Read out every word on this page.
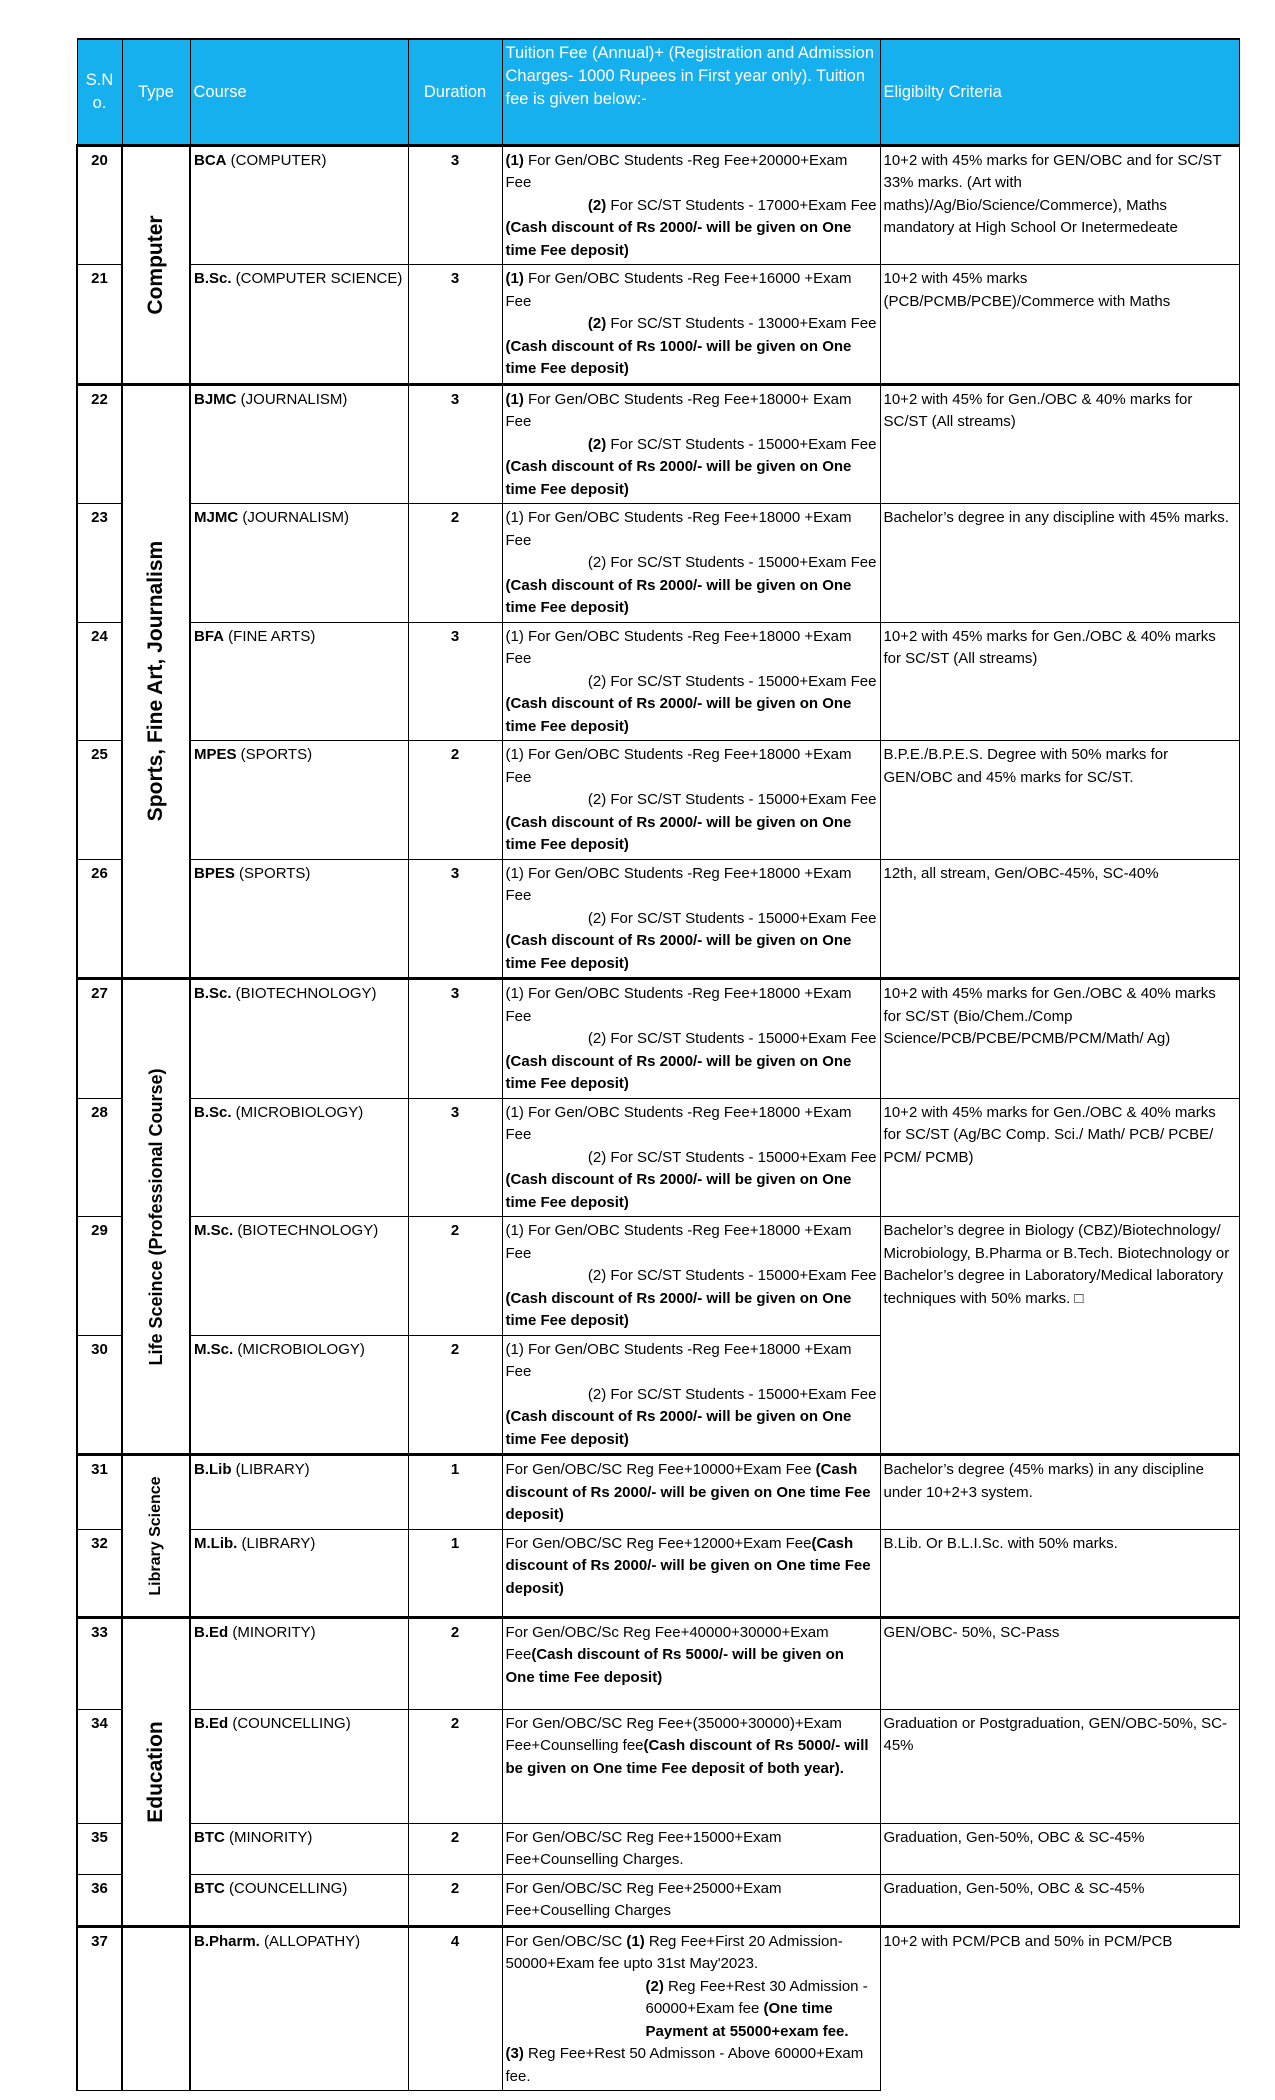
S.N o.	Type	Course	Duration	Tuition Fee (Annual)+ (Registration and Admission Charges- 1000 Rupees in First year only). Tuition fee is given below:-	Eligibilty Criteria
20	Computer	BCA (COMPUTER)	3	(1) For Gen/OBC Students -Reg Fee+20000+Exam Fee

(2) For SC/ST Students - 17000+Exam Fee

(Cash discount of Rs 2000/- will be given on One time Fee deposit)	10+2 with 45% marks for GEN/OBC and for SC/ST 33% marks. (Art with maths)/Ag/Bio/Science/Commerce), Maths mandatory at High School Or Inetermedeate
21		B.Sc. (COMPUTER SCIENCE)	3	(1) For Gen/OBC Students -Reg Fee+16000 +Exam Fee

(2) For SC/ST Students - 13000+Exam Fee

(Cash discount of Rs 1000/- will be given on One time Fee deposit)	10+2 with 45% marks (PCB/PCMB/PCBE)/Commerce with Maths
22	Sports, Fine Art, Journalism	BJMC (JOURNALISM)	3	(1) For Gen/OBC Students -Reg Fee+18000+ Exam Fee

(2) For SC/ST Students - 15000+Exam Fee

(Cash discount of Rs 2000/- will be given on One time Fee deposit)	10+2 with 45% for Gen./OBC & 40% marks for SC/ST (All streams)
23		MJMC (JOURNALISM)	2	(1) For Gen/OBC Students -Reg Fee+18000 +Exam Fee

(2) For SC/ST Students - 15000+Exam Fee

(Cash discount of Rs 2000/- will be given on One time Fee deposit)	Bachelor’s degree in any discipline with 45% marks.
24		BFA (FINE ARTS)	3	(1) For Gen/OBC Students -Reg Fee+18000 +Exam Fee

(2) For SC/ST Students - 15000+Exam Fee

(Cash discount of Rs 2000/- will be given on One time Fee deposit)	10+2 with 45% marks for Gen./OBC & 40% marks for SC/ST (All streams)
25		MPES (SPORTS)	2	(1) For Gen/OBC Students -Reg Fee+18000 +Exam Fee

(2) For SC/ST Students - 15000+Exam Fee

(Cash discount of Rs 2000/- will be given on One time Fee deposit)	B.P.E./B.P.E.S. Degree with 50% marks for GEN/OBC and 45% marks for SC/ST.
26		BPES (SPORTS)	3	(1) For Gen/OBC Students -Reg Fee+18000 +Exam Fee

(2) For SC/ST Students - 15000+Exam Fee

(Cash discount of Rs 2000/- will be given on One time Fee deposit)	12th, all stream, Gen/OBC-45%, SC-40%
27	Life Sceince (Professional Course)	B.Sc. (BIOTECHNOLOGY)	3	(1) For Gen/OBC Students -Reg Fee+18000 +Exam Fee

(2) For SC/ST Students - 15000+Exam Fee

(Cash discount of Rs 2000/- will be given on One time Fee deposit)	10+2 with 45% marks for Gen./OBC & 40% marks for SC/ST (Bio/Chem./Comp Science/PCB/PCBE/PCMB/PCM/Math/ Ag)
28		B.Sc. (MICROBIOLOGY)	3	(1) For Gen/OBC Students -Reg Fee+18000 +Exam Fee

(2) For SC/ST Students - 15000+Exam Fee

(Cash discount of Rs 2000/- will be given on One time Fee deposit)	10+2 with 45% marks for Gen./OBC & 40% marks for SC/ST (Ag/BC Comp. Sci./ Math/ PCB/ PCBE/ PCM/ PCMB)
29		M.Sc. (BIOTECHNOLOGY)	2	(1) For Gen/OBC Students -Reg Fee+18000 +Exam Fee

(2) For SC/ST Students - 15000+Exam Fee

(Cash discount of Rs 2000/- will be given on One time Fee deposit)	Bachelor’s degree in Biology (CBZ)/Biotechnology/ Microbiology, B.Pharma or B.Tech. Biotechnology or Bachelor’s degree in Laboratory/Medical laboratory techniques with 50% marks. □
30		M.Sc. (MICROBIOLOGY)	2	(1) For Gen/OBC Students -Reg Fee+18000 +Exam Fee

(2) For SC/ST Students - 15000+Exam Fee

(Cash discount of Rs 2000/- will be given on One time Fee deposit)	

31	Library Science	B.Lib (LIBRARY)	1	For Gen/OBC/SC Reg Fee+10000+Exam Fee (Cash discount of Rs 2000/- will be given on One time Fee deposit)	Bachelor’s degree (45% marks) in any discipline under 10+2+3 system.
32		M.Lib. (LIBRARY)	1	For Gen/OBC/SC Reg Fee+12000+Exam Fee(Cash discount of Rs 2000/- will be given on One time Fee deposit)	B.Lib. Or B.L.I.Sc. with 50% marks.
33	Education	B.Ed (MINORITY)	2	For Gen/OBC/Sc Reg Fee+40000+30000+Exam Fee(Cash discount of Rs 5000/- will be given on One time Fee deposit)	GEN/OBC- 50%, SC-Pass
34		B.Ed (COUNCELLING)	2	For Gen/OBC/SC Reg Fee+(35000+30000)+Exam Fee+Counselling fee(Cash discount of Rs 5000/- will be given on One time Fee deposit of both year).	Graduation or Postgraduation, GEN/OBC-50%, SC-45%
35		BTC (MINORITY)	2	For Gen/OBC/SC Reg Fee+15000+Exam Fee+Counselling Charges.	Graduation, Gen-50%, OBC & SC-45%
36		BTC (COUNCELLING)	2	For Gen/OBC/SC Reg Fee+25000+Exam Fee+Couselling Charges	Graduation, Gen-50%, OBC & SC-45%
37		B.Pharm. (ALLOPATHY)	4	For Gen/OBC/SC (1) Reg Fee+First 20 Admission-50000+Exam fee upto 31st May'2023.

(2) Reg Fee+Rest 30 Admission - 60000+Exam fee (One time Payment at 55000+exam fee.

(3) Reg Fee+Rest 50 Admisson - Above 60000+Exam fee.	10+2 with PCM/PCB and 50% in PCM/PCB
